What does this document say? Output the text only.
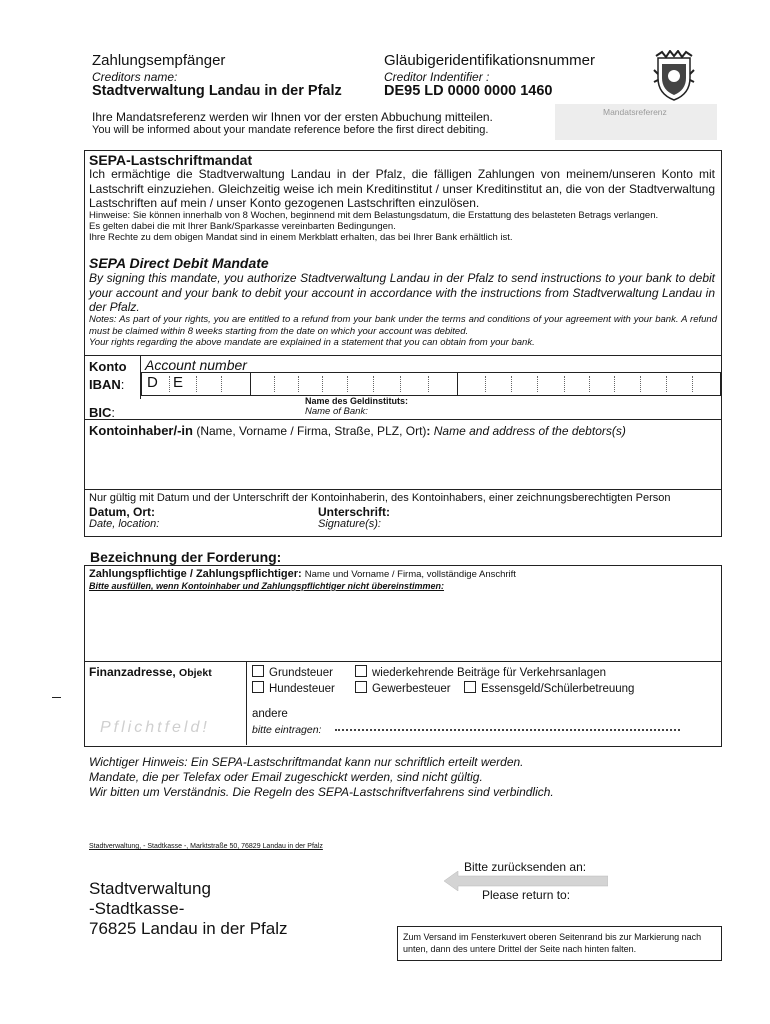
Zahlungsempfänger
Creditors name:
Stadtverwaltung Landau in der Pfalz
Gläubigeridentifikationsnummer
Creditor Indentifier :
DE95 LD 0000 0000 1460
Ihre Mandatsreferenz werden wir Ihnen vor der ersten Abbuchung mitteilen.
You will be informed about your mandate reference before the first direct debiting.
Mandatsreferenz
SEPA-Lastschriftmandat
Ich ermächtige die Stadtverwaltung Landau in der Pfalz, die fälligen Zahlungen von meinem/unseren Konto mit Lastschrift einzuziehen. Gleichzeitig weise ich mein Kreditinstitut / unser Kreditinstitut an, die von der Stadtverwaltung Lastschriften auf mein / unser Konto gezogenen Lastschriften einzulösen.
Hinweise: Sie können innerhalb von 8 Wochen, beginnend mit dem Belastungsdatum, die Erstattung des belasteten Betrags verlangen.
Es gelten dabei die mit Ihrer Bank/Sparkasse vereinbarten Bedingungen.
Ihre Rechte zu dem obigen Mandat sind in einem Merkblatt erhalten, das bei Ihrer Bank erhältlich ist.
SEPA Direct Debit Mandate
By signing this mandate, you authorize Stadtverwaltung Landau in der Pfalz to send instructions to your bank to debit your account and your bank to debit your account in accordance with the instructions from Stadtverwaltung Landau in der Pfalz.
Notes: As part of your rights, you are entitled to a refund from your bank under the terms and conditions of your agreement with your bank. A refund must be claimed within 8 weeks starting from the date on which your account was debited.
Your rights regarding the above mandate are explained in a statement that you can obtain from your bank.
Konto Account number
IBAN: D E
Name des Geldinstituts:
Name of Bank:
BIC:
Kontoinhaber/-in (Name, Vorname / Firma, Straße, PLZ, Ort): Name and address of the debtors(s)
Nur gültig mit Datum und der Unterschrift der Kontoinhaberin, des Kontoinhabers, einer zeichnungsberechtigten Person
Datum, Ort:
Date, location:
Unterschrift:
Signature(s):
Bezeichnung der Forderung:
Zahlungspflichtige / Zahlungspflichtiger: Name und Vorname / Firma, vollständige Anschrift
Bitte ausfüllen, wenn Kontoinhaber und Zahlungspflichtiger nicht übereinstimmen:
Finanzadresse, Objekt
Pflichtfeld!
Grundsteuer	wiederkehrende Beiträge für Verkehrsanlagen
Hundesteuer	Gewerbesteuer	Essensgeld/Schülerbetreuung
andere
bitte eintragen:
Wichtiger Hinweis: Ein SEPA-Lastschriftmandat kann nur schriftlich erteilt werden.
Mandate, die per Telefax oder Email zugeschickt werden, sind nicht gültig.
Wir bitten um Verständnis. Die Regeln des SEPA-Lastschriftverfahrens sind verbindlich.
Stadtverwaltung, - Stadtkasse -, Marktstraße 50, 76829 Landau in der Pfalz
Stadtverwaltung
-Stadtkasse-
76825 Landau in der Pfalz
Bitte zurücksenden an:
Please return to:
Zum Versand im Fensterkuvert oberen Seitenrand bis zur Markierung nach unten, dann des untere Drittel der Seite nach hinten falten.
